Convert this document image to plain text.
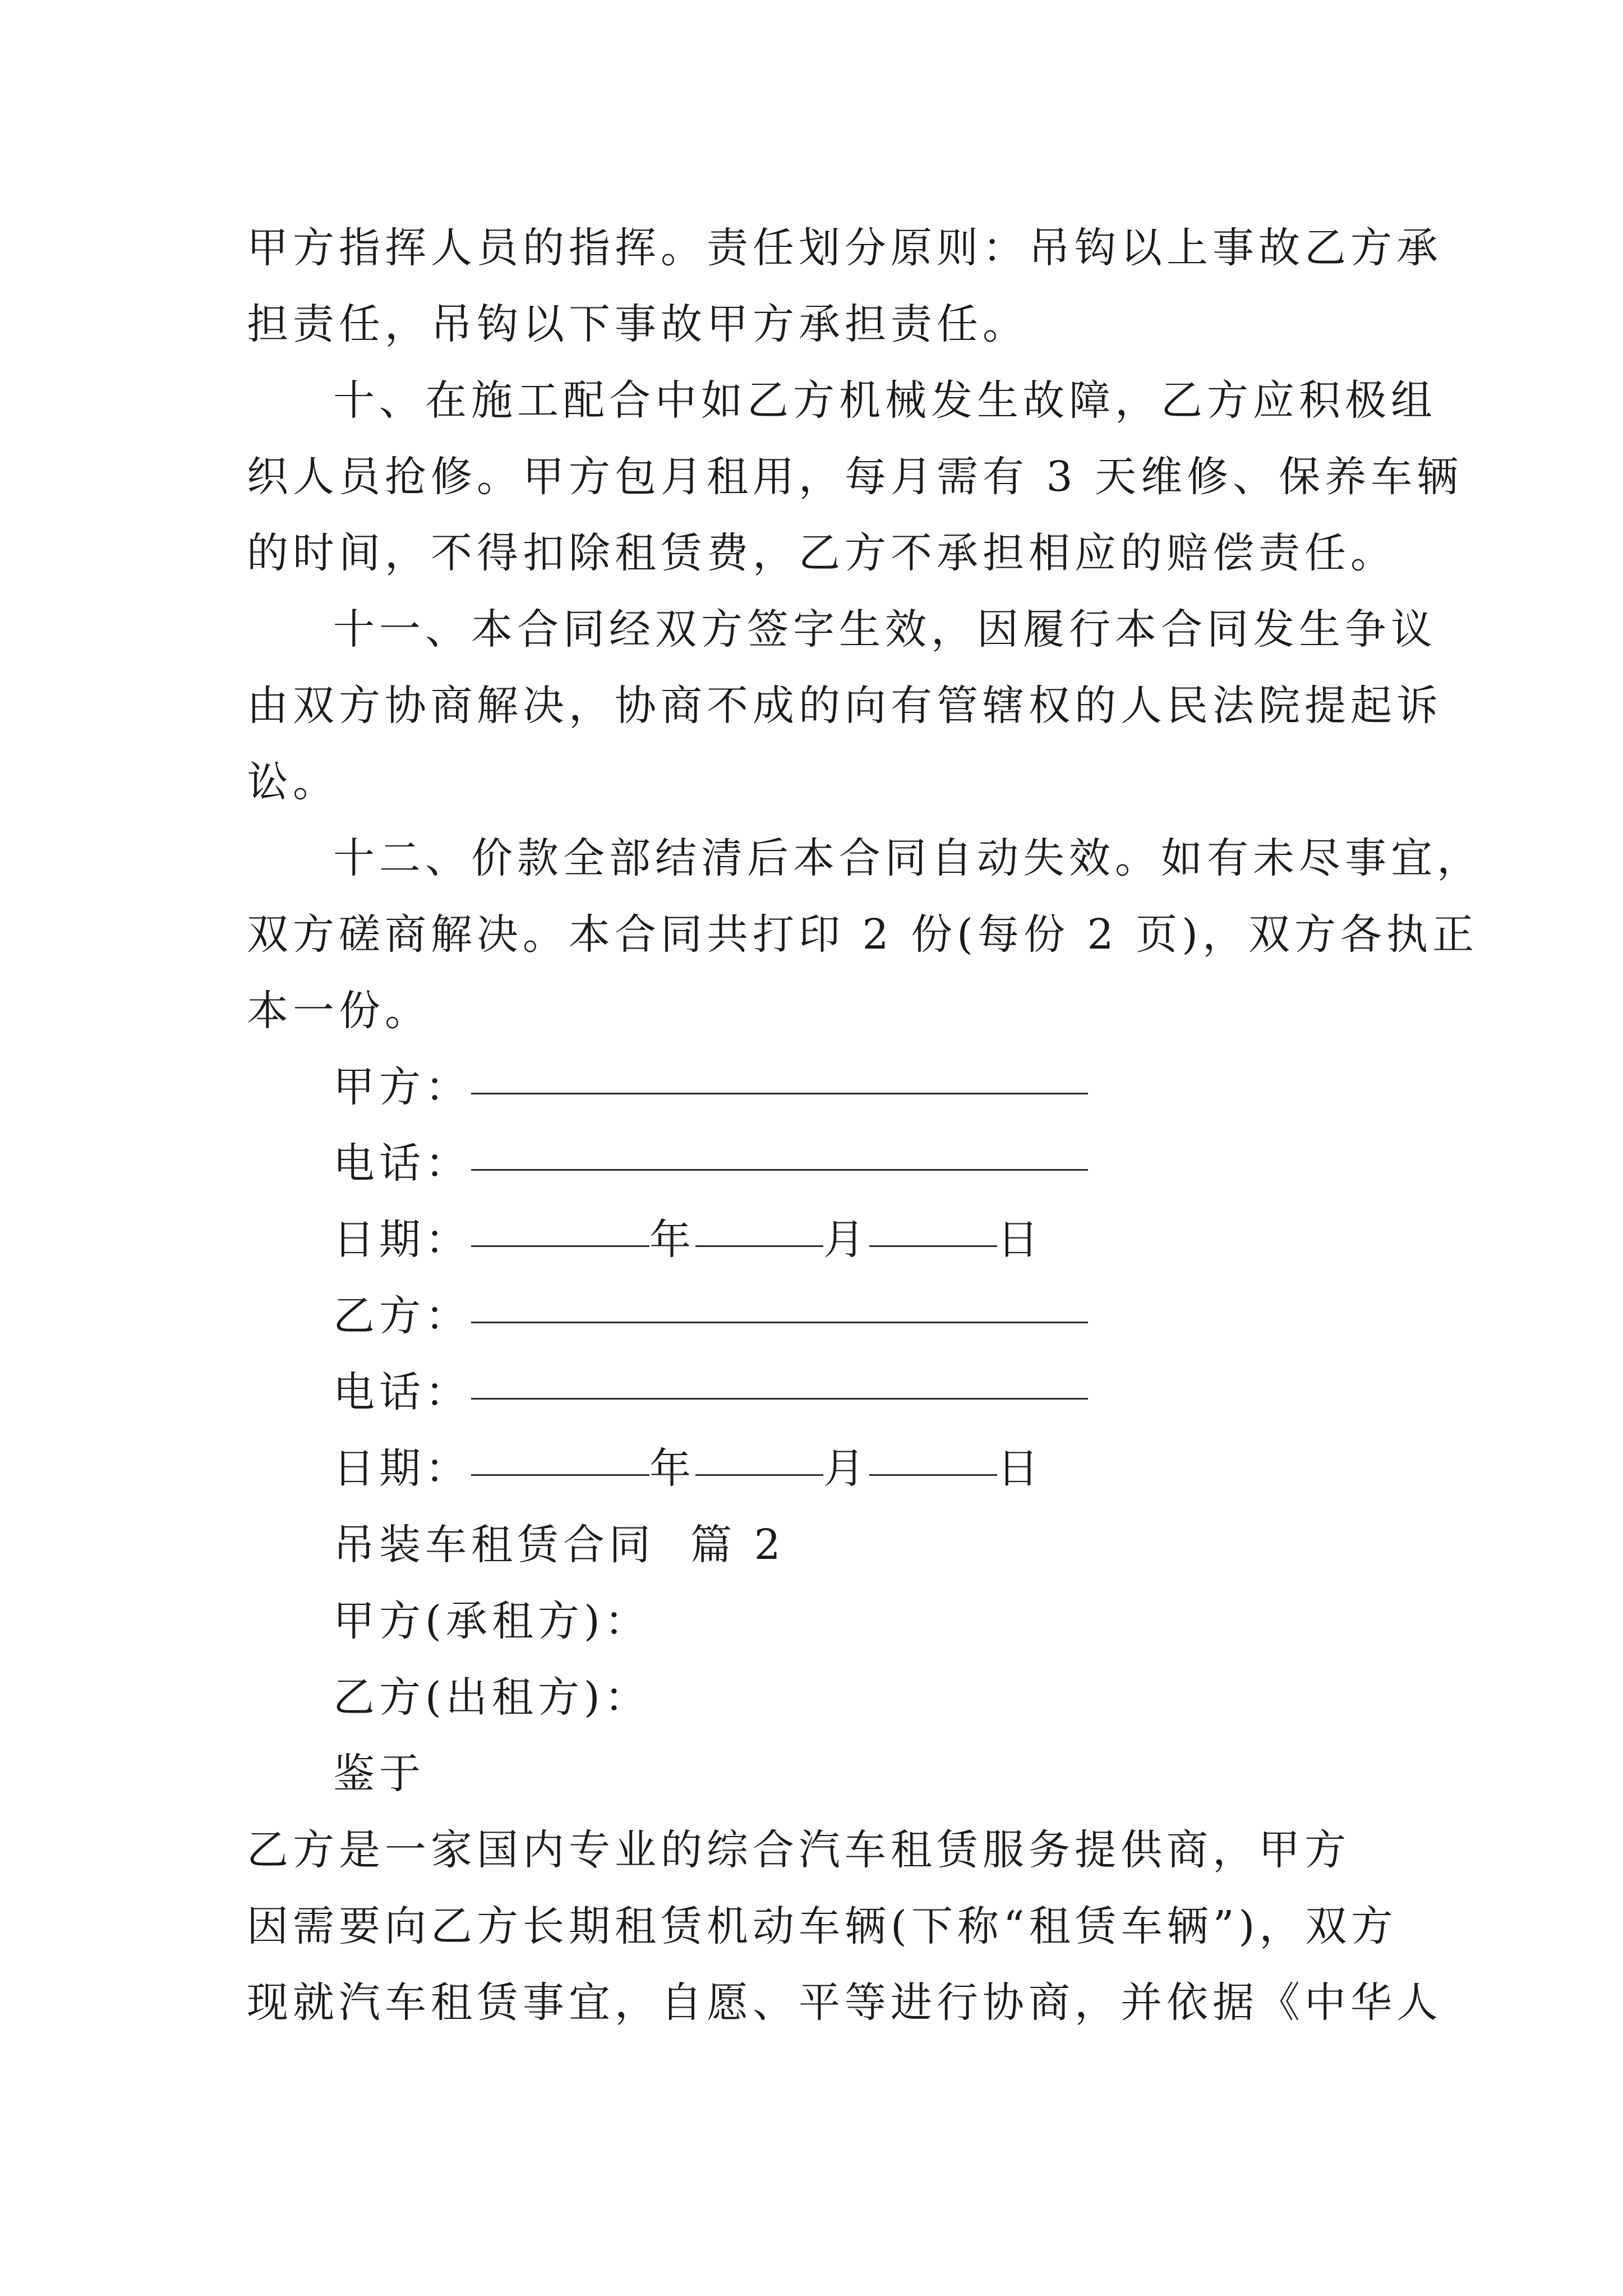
甲方指挥人员的指挥。责任划分原则：吊钩以上事故乙方承
担责任，吊钩以下事故甲方承担责任。
十、在施工配合中如乙方机械发生故障，乙方应积极组
织人员抢修。甲方包月租用，每月需有 3 天维修、保养车辆
的时间，不得扣除租赁费，乙方不承担相应的赔偿责任。
十一、本合同经双方签字生效，因履行本合同发生争议
由双方协商解决，协商不成的向有管辖权的人民法院提起诉
讼。
十二、价款全部结清后本合同自动失效。如有未尽事宜，
双方磋商解决。本合同共打印 2 份(每份 2 页)，双方各执正
本一份。
甲方：
电话：
日期：	年	月	日
乙方：
电话：
日期：	年	月	日
吊装车租赁合同  篇 2
甲方(承租方)：
乙方(出租方)：
鉴于
乙方是一家国内专业的综合汽车租赁服务提供商，甲方
因需要向乙方长期租赁机动车辆(下称“租赁车辆”)，双方
现就汽车租赁事宜，自愿、平等进行协商，并依据《中华人
